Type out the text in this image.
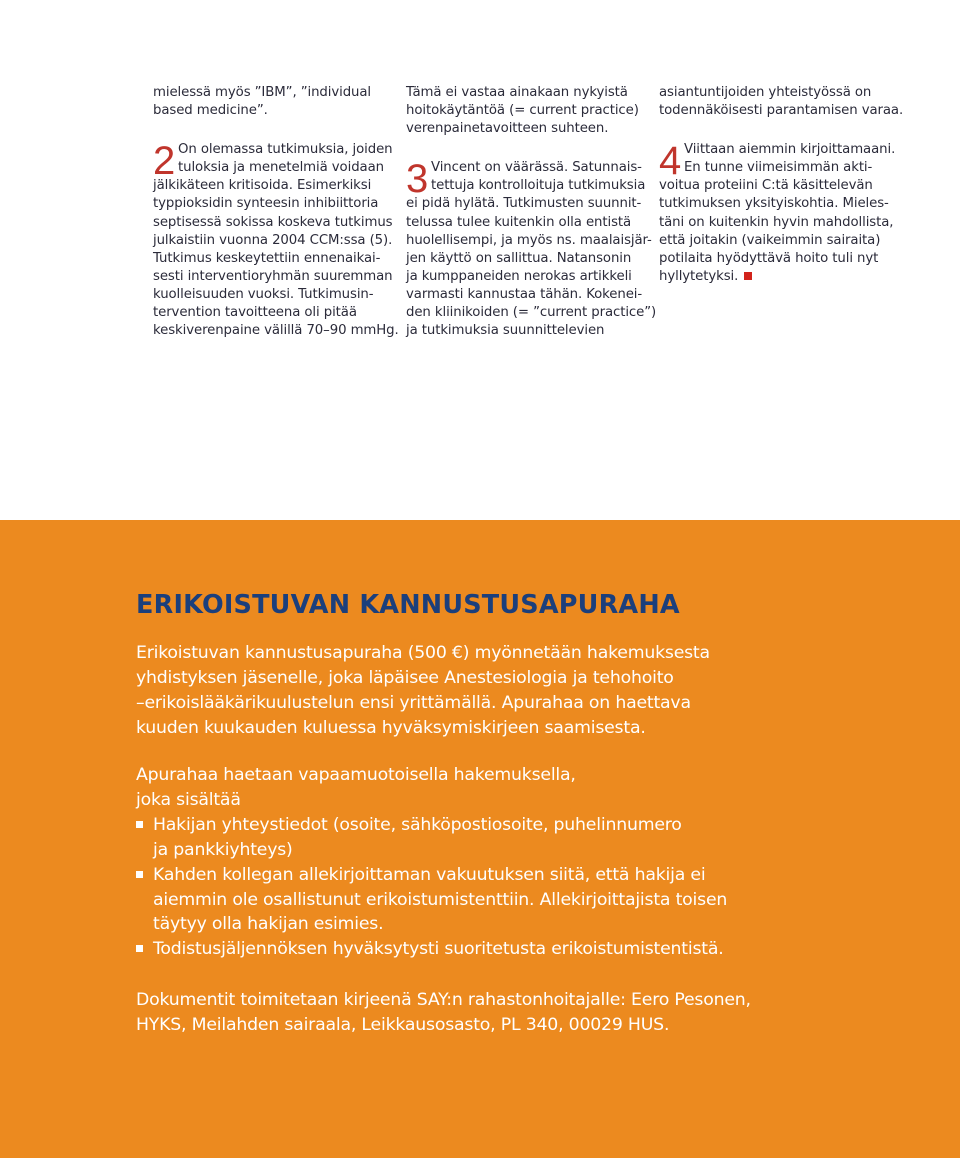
mielessä myös ”IBM”, ”individual
based medicine”.

2 On olemassa tutkimuksia, joiden
tuloksia ja menetelmiä voidaan
jälkikäteen kritisoida. Esimerkiksi
typpioksidin synteesin inhibiittoria
septisessä sokissa koskeva tutkimus
julkaistiin vuonna 2004 CCM:ssa (5).
Tutkimus keskeytettiin ennenaikai-
sesti interventioryhmän suuremman
kuolleisuuden vuoksi. Tutkimusin-
tervention tavoitteena oli pitää
keskiverenpaine välillä 70–90 mmHg.

Tämä ei vastaa ainakaan nykyistä
hoitokäytäntöä (= current practice)
verenpainetavoitteen suhteen.

3 Vincent on väärässä. Satunnais-
tettuja kontrolloituja tutkimuksia
ei pidä hylätä. Tutkimusten suunnit-
telussa tulee kuitenkin olla entistä
huolellisempi, ja myös ns. maalaisjär-
jen käyttö on sallittua. Natansonin
ja kumppaneiden nerokas artikkeli
varmasti kannustaa tähän. Kokenei-
den kliinikoiden (= ”current practice”)
ja tutkimuksia suunnittelevien

asiantuntijoiden yhteistyössä on
todennäköisesti parantamisen varaa.

4 Viittaan aiemmin kirjoittamaani.
En tunne viimeisimmän akti-
voitua proteiini C:tä käsittelevän
tutkimuksen yksityiskohtia. Mieles-
täni on kuitenkin hyvin mahdollista,
että joitakin (vaikeimmin sairaita)
potilaita hyödyttävä hoito tuli nyt
hyllytetyksi.
ERIKOISTUVAN KANNUSTUSAPURAHA
Erikoistuvan kannustusapuraha (500 €) myönnetään hakemuksesta
yhdistyksen jäsenelle, joka läpäisee Anestesiologia ja tehohoito
–erikoislääkärikuulustelun ensi yrittämällä. Apurahaa on haettava
kuuden kuukauden kuluessa hyväksymiskirjeen saamisesta.
Apurahaa haetaan vapaamuotoisella hakemuksella,
joka sisältää
Hakijan yhteystiedot (osoite, sähköpostiosoite, puhelinnumero
ja pankkiyhteys)
Kahden kollegan allekirjoittaman vakuutuksen siitä, että hakija ei
aiemmin ole osallistunut erikoistumistenttiin. Allekirjoittajista toisen
täytyy olla hakijan esimies.
Todistusjäljennöksen hyväksytysti suoritetusta erikoistumistentistä.
Dokumentit toimitetaan kirjeenä SAY:n rahastonhoitajalle: Eero Pesonen,
HYKS, Meilahden sairaala, Leikkausosasto, PL 340, 00029 HUS.
